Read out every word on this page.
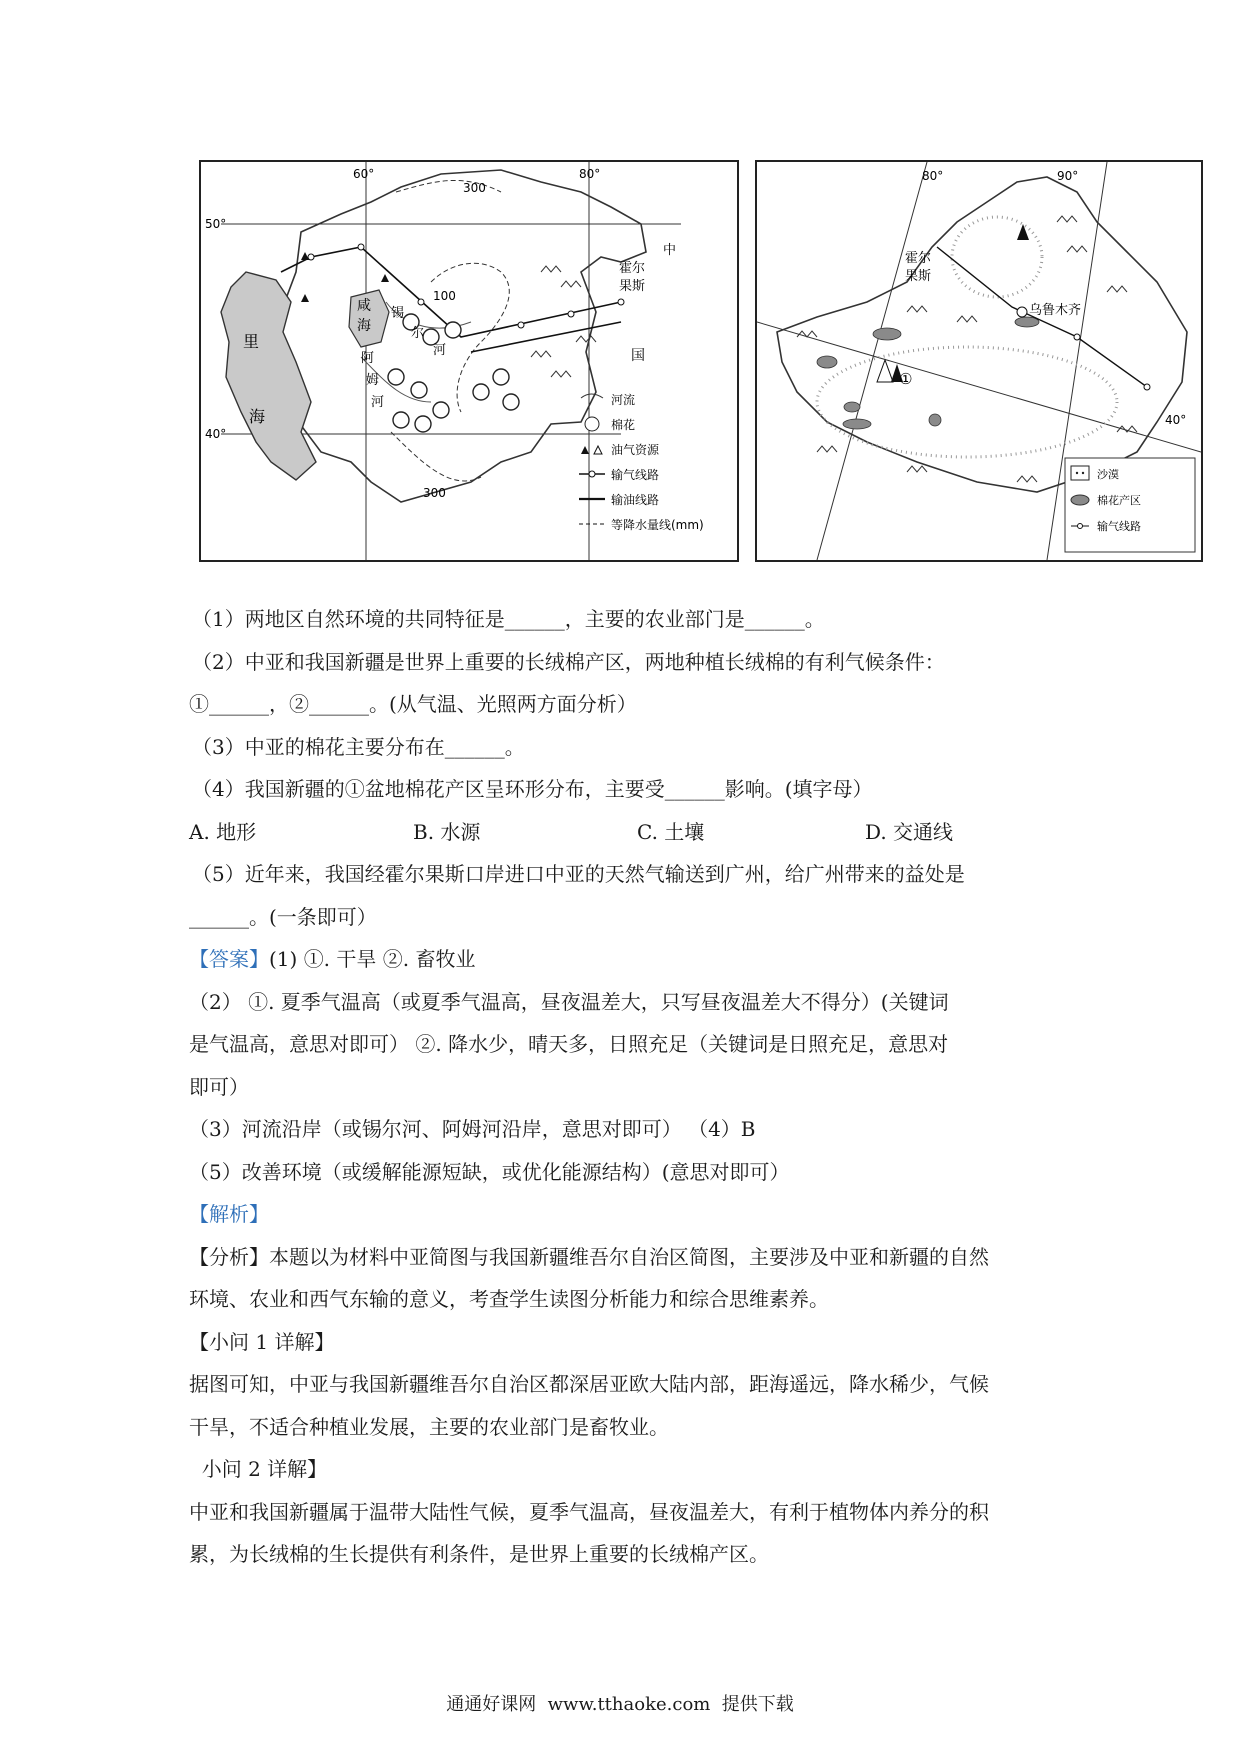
60°	80°
50°
40°
300
300
100
里
海
咸
海
锡
尔
河
阿
姆
河
霍尔
果斯
中
国
河流
棉花
油气资源
输气线路
输油线路
等降水量线(mm)
80°	90°
40°
霍尔
果斯
乌鲁木齐
①
沙漠
棉花产区
输气线路
（1）两地区自然环境的共同特征是______，主要的农业部门是______。
（2）中亚和我国新疆是世界上重要的长绒棉产区，两地种植长绒棉的有利气候条件：
①______，②______。(从气温、光照两方面分析）
（3）中亚的棉花主要分布在______。
（4）我国新疆的①盆地棉花产区呈环形分布，主要受______影响。(填字母）
A. 地形	B. 水源	C. 土壤	D. 交通线
（5）近年来，我国经霍尔果斯口岸进口中亚的天然气输送到广州，给广州带来的益处是
______。(一条即可）
【答案】(1) ①. 干旱 ②. 畜牧业
（2） ①. 夏季气温高（或夏季气温高，昼夜温差大，只写昼夜温差大不得分）(关键词
是气温高，意思对即可） ②. 降水少，晴天多，日照充足（关键词是日照充足，意思对
即可）
（3）河流沿岸（或锡尔河、阿姆河沿岸，意思对即可） （4）B
（5）改善环境（或缓解能源短缺，或优化能源结构）(意思对即可）
【解析】
【分析】本题以为材料中亚简图与我国新疆维吾尔自治区简图，主要涉及中亚和新疆的自然
环境、农业和西气东输的意义，考查学生读图分析能力和综合思维素养。
【小问 1 详解】
据图可知，中亚与我国新疆维吾尔自治区都深居亚欧大陆内部，距海遥远，降水稀少，气候
干旱，不适合种植业发展，主要的农业部门是畜牧业。
小问 2 详解】
中亚和我国新疆属于温带大陆性气候，夏季气温高，昼夜温差大，有利于植物体内养分的积
累，为长绒棉的生长提供有利条件，是世界上重要的长绒棉产区。
通通好课网  www.tthaoke.com  提供下载
